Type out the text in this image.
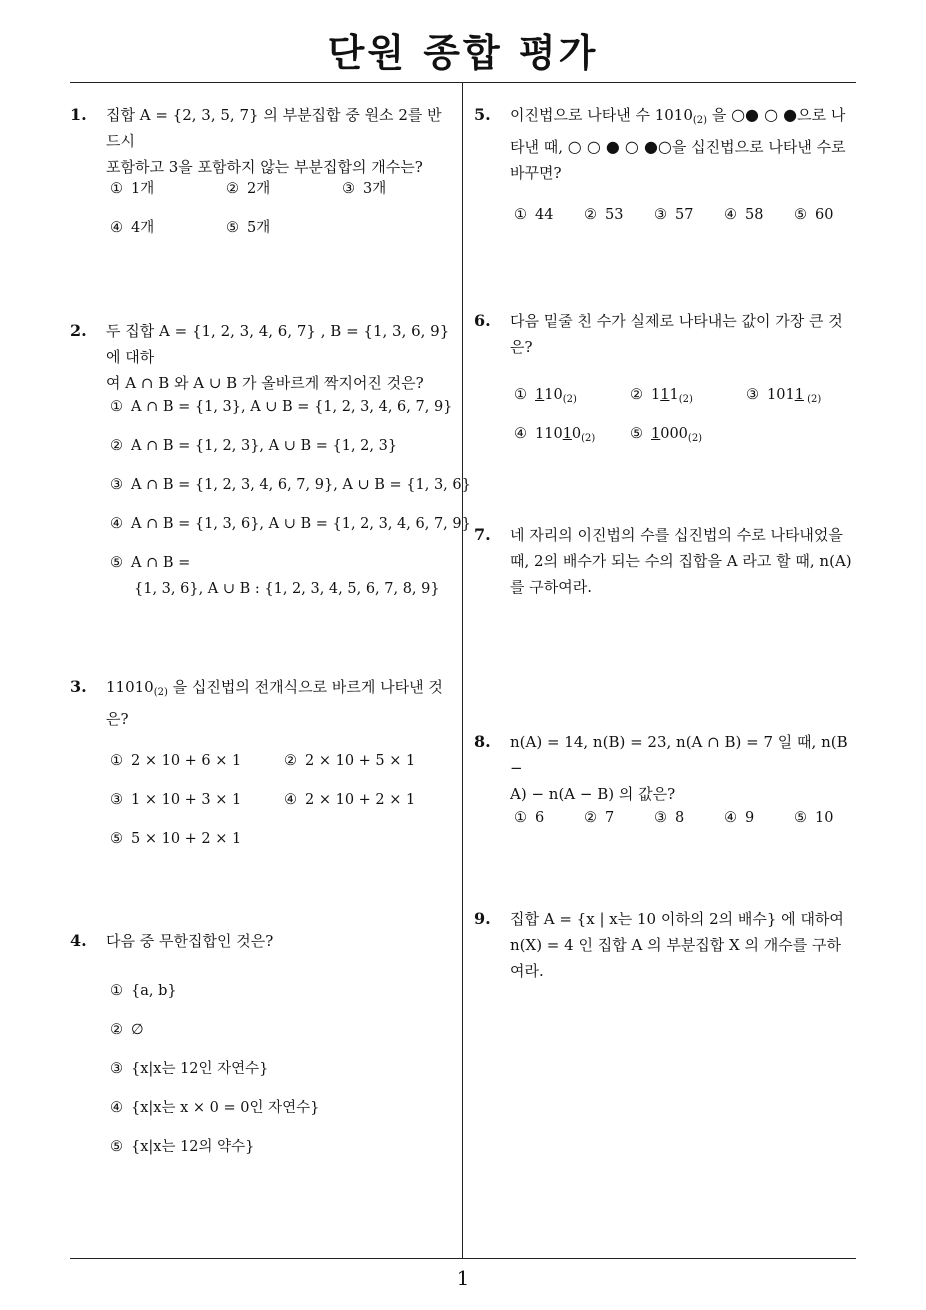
단원 종합 평가
1
1. 집합 A = {2, 3, 5, 7} 의 부분집합 중 원소 2를 반드시
포함하고 3을 포함하지 않는 부분집합의 개수는?
① 1개	② 2개	③ 3개
④ 4개	⑤ 5개
2. 두 집합 A = {1, 2, 3, 4, 6, 7} , B = {1, 3, 6, 9} 에 대하
여 A ∩ B 와 A ∪ B 가 올바르게 짝지어진 것은?
① A ∩ B = {1, 3}, A ∪ B = {1, 2, 3, 4, 6, 7, 9}
② A ∩ B = {1, 2, 3}, A ∪ B = {1, 2, 3}
③ A ∩ B = {1, 2, 3, 4, 6, 7, 9}, A ∪ B = {1, 3, 6}
④ A ∩ B = {1, 3, 6}, A ∪ B = {1, 2, 3, 4, 6, 7, 9}
⑤ A ∩ B =
{1, 3, 6}, A ∪ B : {1, 2, 3, 4, 5, 6, 7, 8, 9}
3. $11010_{(2)}$ 을 십진법의 전개식으로 바르게 나타낸 것
은?
① 2 × 10 + 6 × 1	② 2 × 10 + 5 × 1
③ 1 × 10 + 3 × 1	④ 2 × 10 + 2 × 1
⑤ 5 × 10 + 2 × 1
4. 다음 중 무한집합인 것은?
① {a, b}
② ∅
③ {x|x는 12인 자연수}
④ {x|x는 x × 0 = 0인 자연수}
⑤ {x|x는 12의 약수}
5. 이진법으로 나타낸 수 $1010_{(2)}$ 을 ○● ○ ●으로 나
타낸 때, ○ ○ ● ○ ●○을 십진법으로 나타낸 수로
바꾸면?
① 44 ② 53 ③ 57 ④ 58 ⑤ 60
6. 다음 밑줄 친 수가 실제로 나타내는 값이 가장 큰 것
은?
① $110_{(2)}$	② $111_{(2)}$	③ 1011 $_{(2)}$
④ $11010_{(2)}$ ⑤ $1000_{(2)}$
7. 네 자리의 이진법의 수를 십진법의 수로 나타내었을
때, 2의 배수가 되는 수의 집합을 A 라고 할 때, n(A)
를 구하여라.
8. n(A) = 14, n(B) = 23, n(A ∩ B) = 7 일 때, n(B −
A) − n(A − B) 의 값은?
① 6	② 7	③ 8	④ 9	⑤ 10
9. 집합 A = {x | x는 10 이하의 2의 배수} 에 대하여
n(X) = 4 인 집합 A 의 부분집합 X 의 개수를 구하
여라.
